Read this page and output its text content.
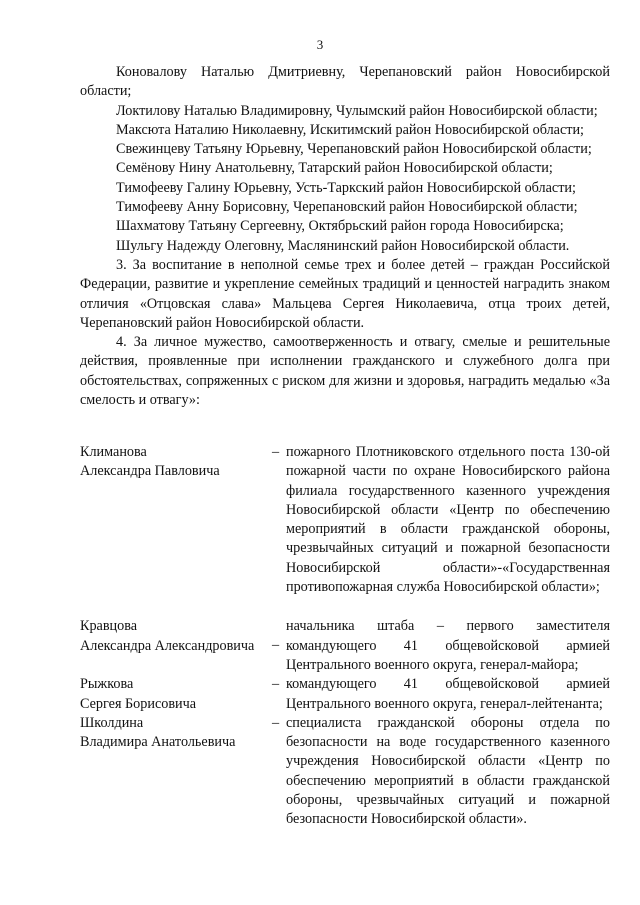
3

Коновалову Наталью Дмитриевну, Черепановский район Новосибирской области;

Локтилову Наталью Владимировну, Чулымский район Новосибирской области;

Максюта Наталию Николаевну, Искитимский район Новосибирской области;

Свежинцеву Татьяну Юрьевну, Черепановский район Новосибирской области;

Семёнову Нину Анатольевну, Татарский район Новосибирской области;

Тимофееву Галину Юрьевну, Усть-Таркский район Новосибирской области;

Тимофееву Анну Борисовну, Черепановский район Новосибирской области;

Шахматову Татьяну Сергеевну, Октябрьский район города Новосибирска;

Шульгу Надежду Олеговну, Маслянинский район Новосибирской области.

3. За воспитание в неполной семье трех и более детей – граждан Российской Федерации, развитие и укрепление семейных традиций и ценностей наградить знаком отличия «Отцовская слава» Мальцева Сергея Николаевича, отца троих детей, Черепановский район Новосибирской области.

4. За личное мужество, самоотверженность и отвагу, смелые и решительные действия, проявленные при исполнении гражданского и служебного долга при обстоятельствах, сопряженных с риском для жизни и здоровья, наградить медалью «За смелость и отвагу»:

Климанова
Александра Павловича
– пожарного Плотниковского отдельного поста 130-ой пожарной части по охране Новосибирского района филиала государственного казенного учреждения Новосибирской области «Центр по обеспечению мероприятий в области гражданской обороны, чрезвычайных ситуаций и пожарной безопасности Новосибирской области»-«Государственная противопожарная служба Новосибирской области»;
Кравцова
Александра Александровича	–
начальника штаба – первого заместителя командующего 41 общевойсковой армией Центрального военного округа, генерал-майора;
Рыжкова
Сергея Борисовича
– командующего 41 общевойсковой армией Центрального военного округа, генерал-лейтенанта;
Школдина
Владимира Анатольевича
– специалиста гражданской обороны отдела по безопасности на воде государственного казенного учреждения Новосибирской области «Центр по обеспечению мероприятий в области гражданской обороны, чрезвычайных ситуаций и пожарной безопасности Новосибирской области».
